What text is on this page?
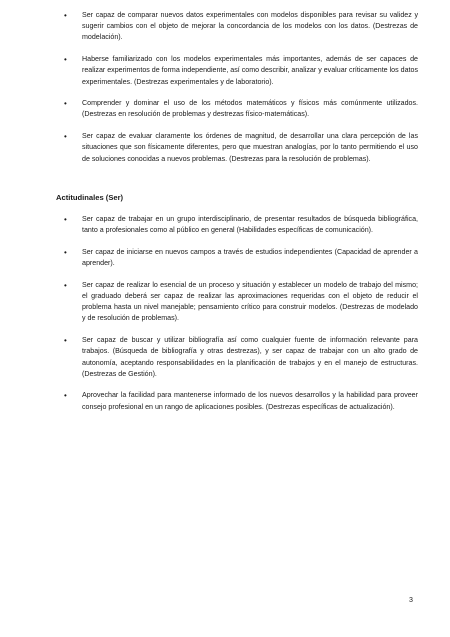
• Ser capaz de comparar nuevos datos experimentales con modelos disponibles para revisar su validez y sugerir cambios con el objeto de mejorar la concordancia de los modelos con los datos. (Destrezas de modelación).

• Haberse familiarizado con los modelos experimentales más importantes, además de ser capaces de realizar experimentos de forma independiente, así como describir, analizar y evaluar críticamente los datos experimentales. (Destrezas experimentales y de laboratorio).

• Comprender y dominar el uso de los métodos matemáticos y físicos más comúnmente utilizados. (Destrezas en resolución de problemas y destrezas físico-matemáticas).

• Ser capaz de evaluar claramente los órdenes de magnitud, de desarrollar una clara percepción de las situaciones que son físicamente diferentes, pero que muestran analogías, por lo tanto permitiendo el uso de soluciones conocidas a nuevos problemas. (Destrezas para la resolución de problemas).

Actitudinales (Ser)
• Ser capaz de trabajar en un grupo interdisciplinario, de presentar resultados de búsqueda bibliográfica, tanto a profesionales como al público en general (Habilidades específicas de comunicación).

• Ser capaz de iniciarse en nuevos campos a través de estudios independientes (Capacidad de aprender a aprender).

• Ser capaz de realizar lo esencial de un proceso y situación y establecer un modelo de trabajo del mismo; el graduado deberá ser capaz de realizar las aproximaciones requeridas con el objeto de reducir el problema hasta un nivel manejable; pensamiento crítico para construir modelos. (Destrezas de modelado y de resolución de problemas).

• Ser capaz de buscar y utilizar bibliografía así como cualquier fuente de información relevante para trabajos. (Búsqueda de bibliografía y otras destrezas), y ser capaz de trabajar con un alto grado de autonomía, aceptando responsabilidades en la planificación de trabajos y en el manejo de estructuras. (Destrezas de Gestión).

• Aprovechar la facilidad para mantenerse informado de los nuevos desarrollos y la habilidad para proveer consejo profesional en un rango de aplicaciones posibles. (Destrezas específicas de actualización).

3
